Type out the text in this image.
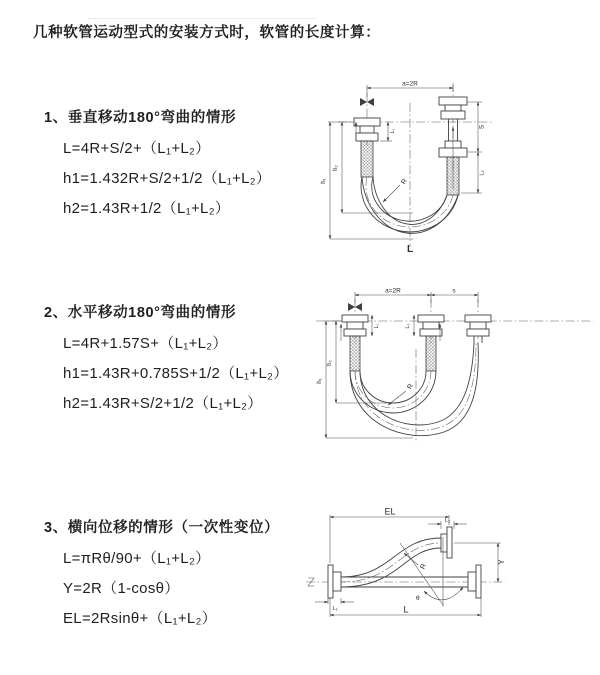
几种软管运动型式的安装方式时，软管的长度计算：
1、垂直移动180°弯曲的情形
L=4R+S/2+（L₁+L₂）
h1=1.432R+S/2+1/2（L₁+L₂）
h2=1.43R+1/2（L₁+L₂）
a=2R
S
L₂
h₂
h₁
L₁
R
L
2、水平移动180°弯曲的情形
L=4R+1.57S+（L₁+L₂）
h1=1.43R+0.785S+1/2（L₁+L₂）
h2=1.43R+S/2+1/2（L₁+L₂）
a=2R	s
h₂
h₁
L₁	L₂
R
3、横向位移的情形（一次性变位）
L=πRθ/90+（L₁+L₂）
Y=2R（1-cosθ）
EL=2Rsinθ+（L₁+L₂）
EL
L₂
Y
θ
R
L
L₁
